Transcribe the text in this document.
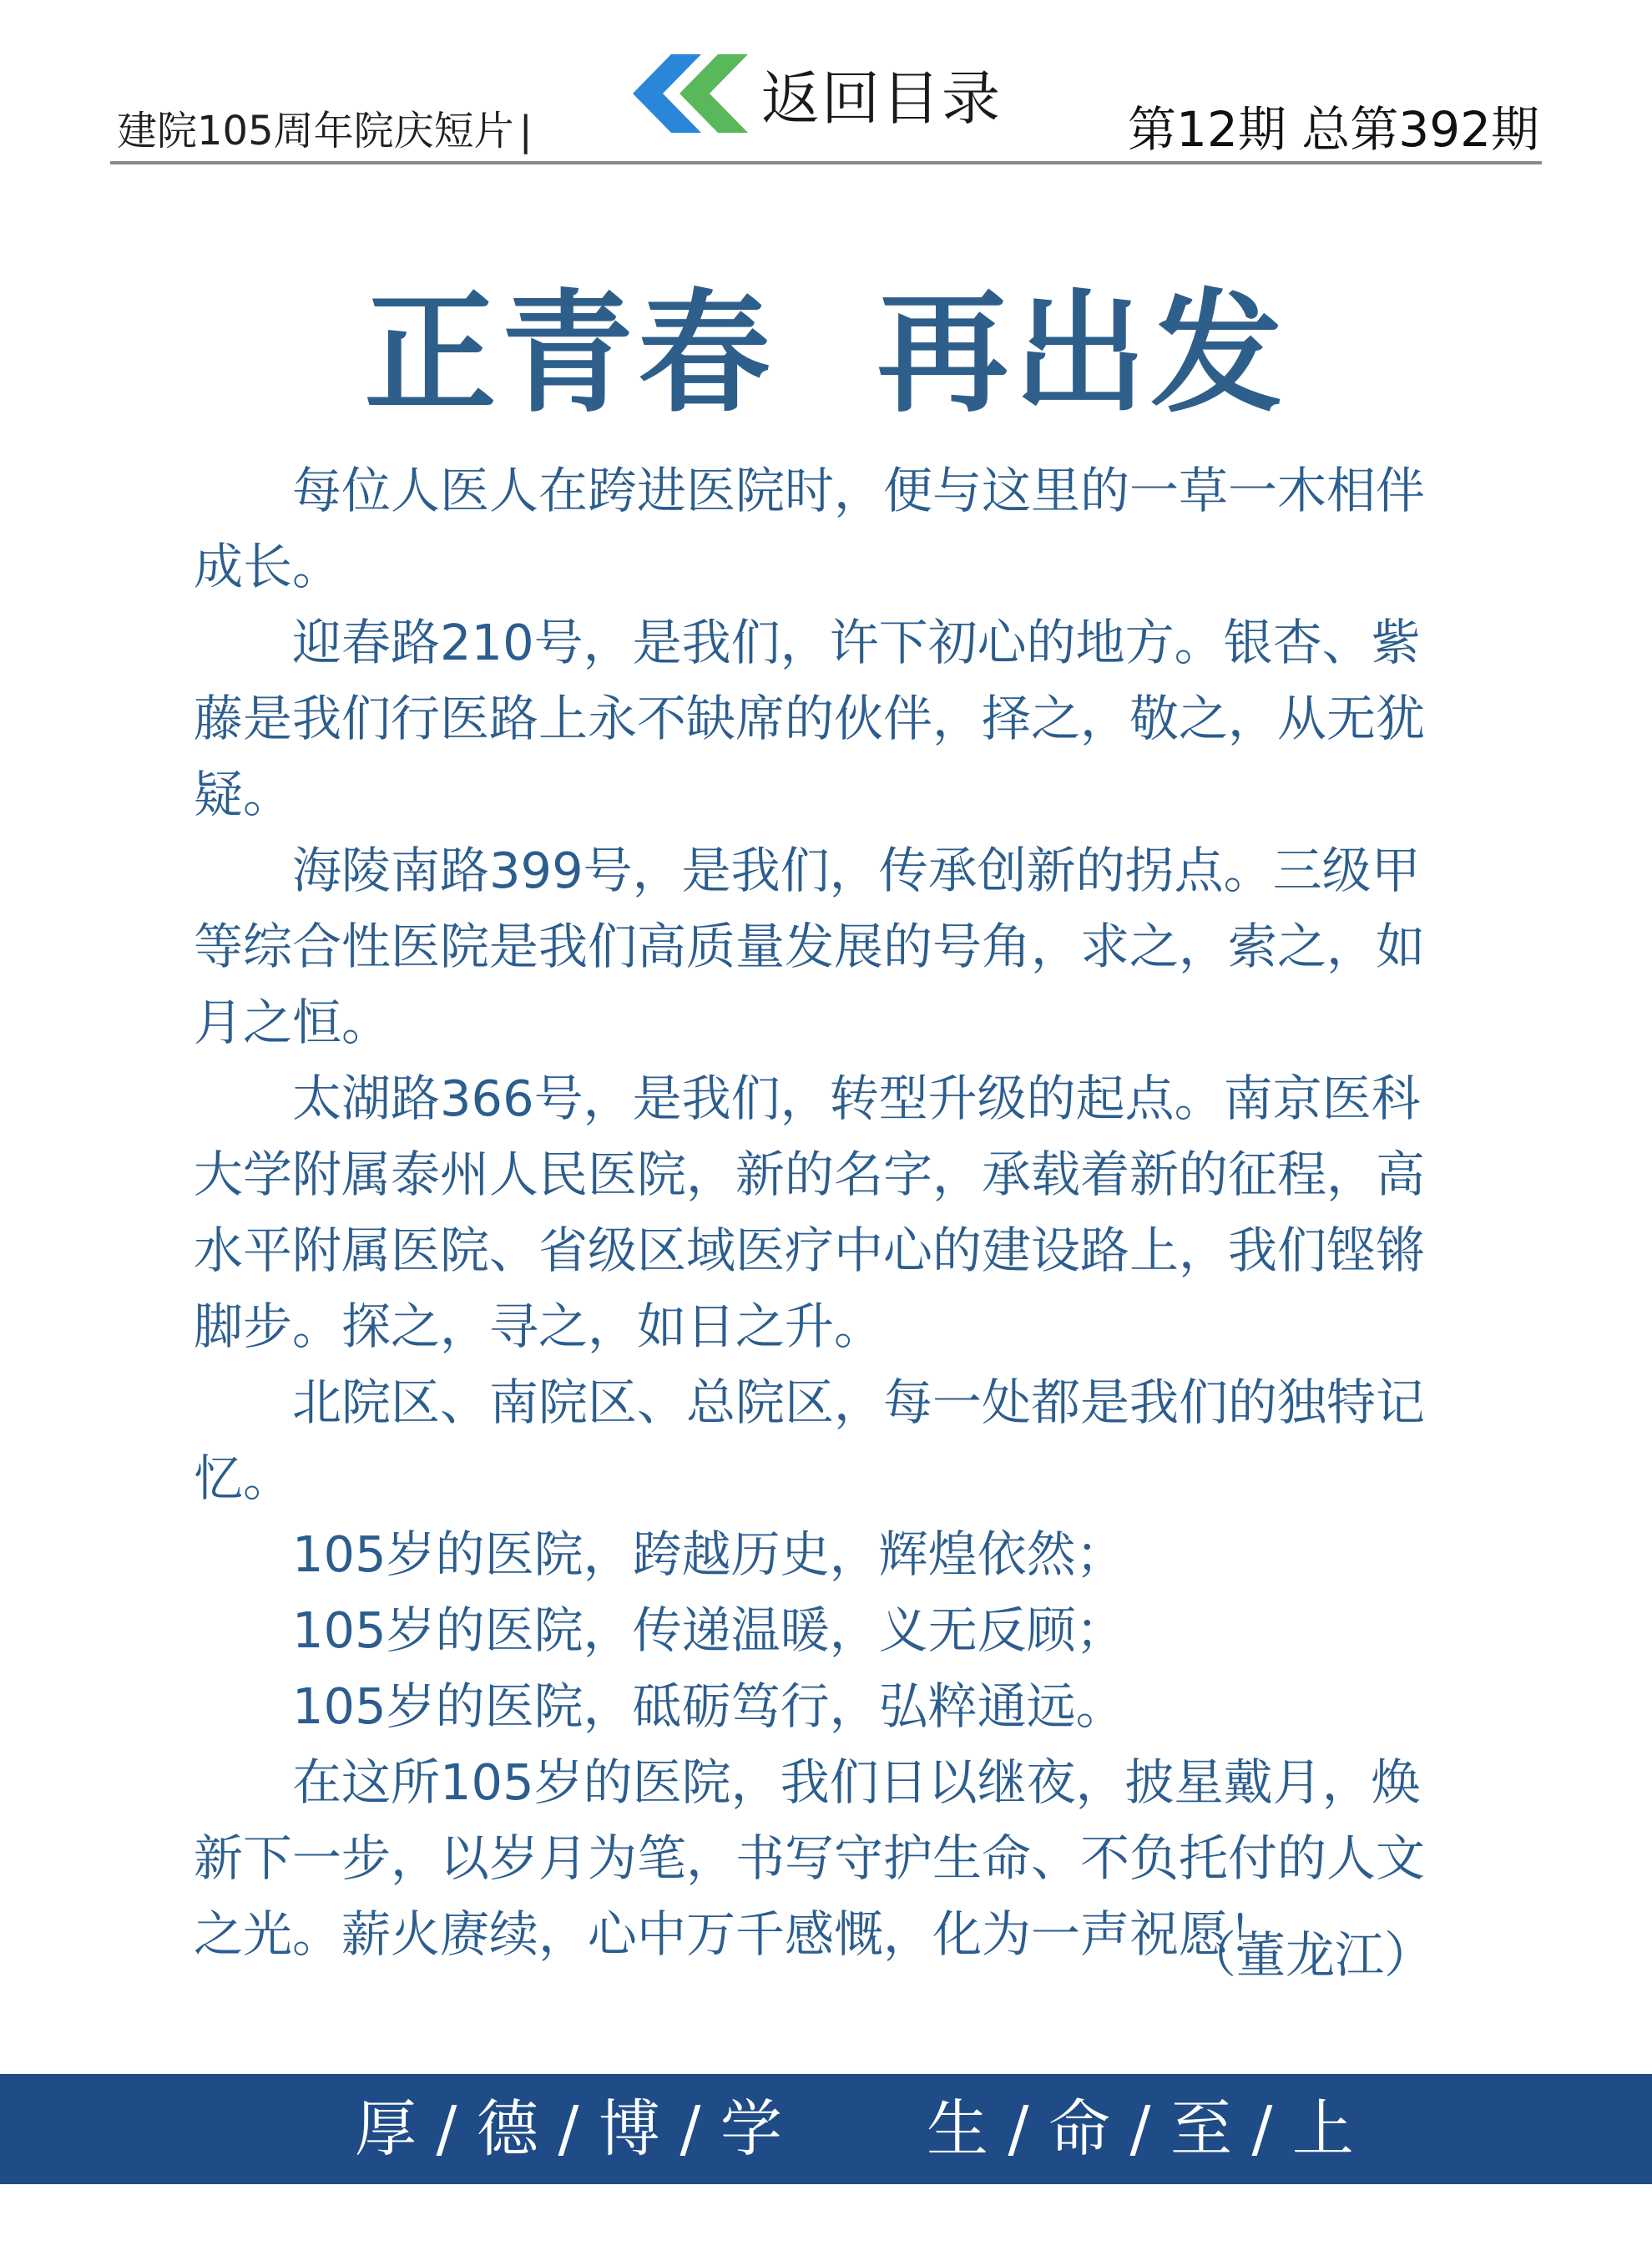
建院105周年院庆短片 |	返回目录	第12期 总第392期
正青春  再出发

每位人医人在跨进医院时，便与这里的一草一木相伴成长。

迎春路210号，是我们，许下初心的地方。银杏、紫藤是我们行医路上永不缺席的伙伴，择之，敬之，从无犹疑。

海陵南路399号，是我们，传承创新的拐点。三级甲等综合性医院是我们高质量发展的号角，求之，索之，如月之恒。

太湖路366号，是我们，转型升级的起点。南京医科大学附属泰州人民医院，新的名字，承载着新的征程，高水平附属医院、省级区域医疗中心的建设路上，我们铿锵脚步。探之，寻之，如日之升。

北院区、南院区、总院区，每一处都是我们的独特记忆。

105岁的医院，跨越历史，辉煌依然；

105岁的医院，传递温暖，义无反顾；

105岁的医院，砥砺笃行，弘粹通远。

在这所105岁的医院，我们日以继夜，披星戴月，焕新下一步，以岁月为笔，书写守护生命、不负托付的人文之光。薪火赓续，心中万千感慨，化为一声祝愿！

（董龙江）
厚 / 德 / 博 / 学 生 / 命 / 至 / 上
